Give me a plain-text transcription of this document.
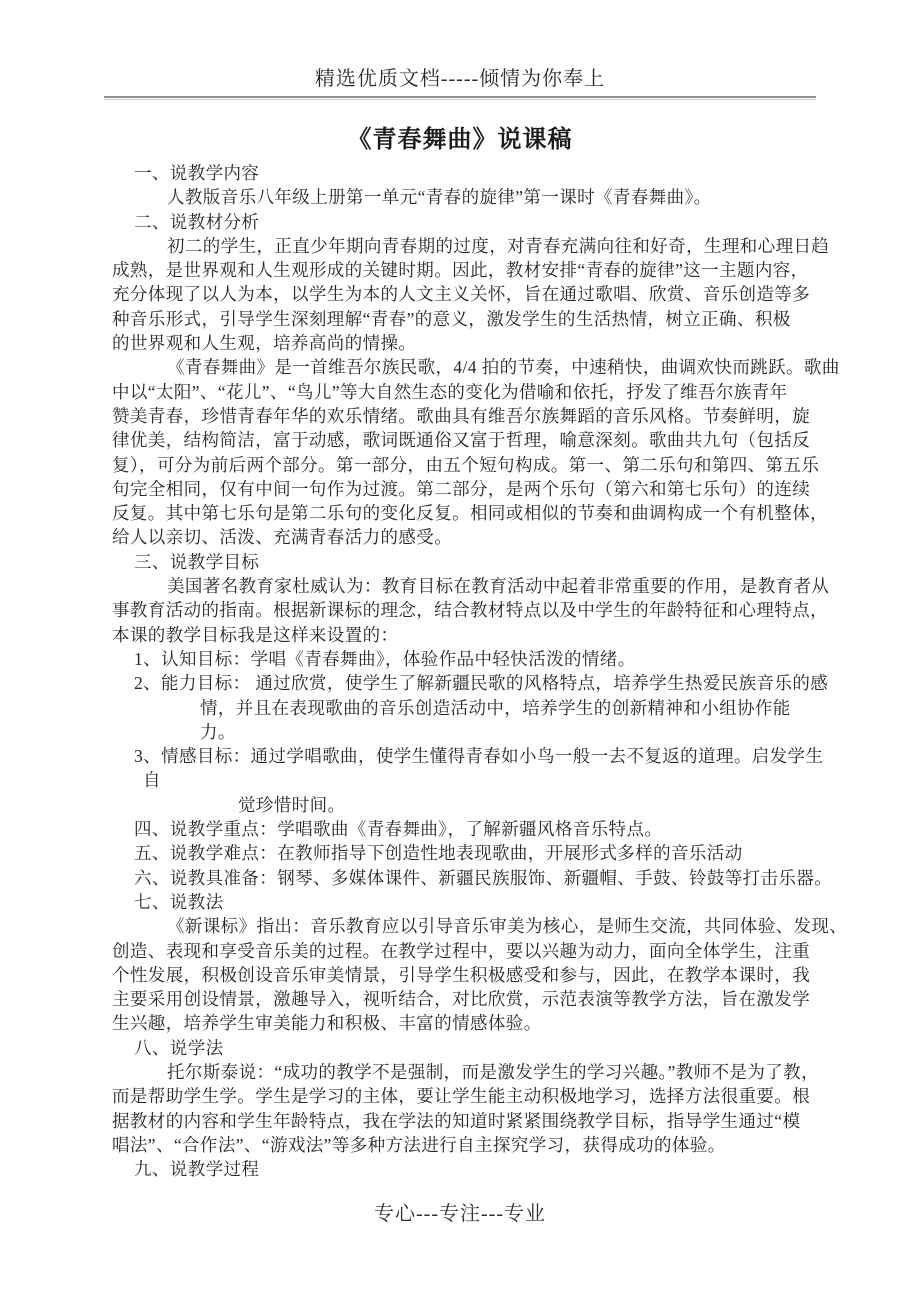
精选优质文档-----倾情为你奉上
《青春舞曲》说课稿
一、说教学内容
人教版音乐八年级上册第一单元“青春的旋律”第一课时《青春舞曲》。
二、说教材分析
初二的学生，正直少年期向青春期的过度，对青春充满向往和好奇，生理和心理日趋
成熟，是世界观和人生观形成的关键时期。因此，教材安排“青春的旋律”这一主题内容，
充分体现了以人为本，以学生为本的人文主义关怀，旨在通过歌唱、欣赏、音乐创造等多
种音乐形式，引导学生深刻理解“青春”的意义，激发学生的生活热情，树立正确、积极
的世界观和人生观，培养高尚的情操。
《青春舞曲》是一首维吾尔族民歌，4/4 拍的节奏，中速稍快，曲调欢快而跳跃。歌曲
中以“太阳”、“花儿”、“鸟儿”等大自然生态的变化为借喻和依托，抒发了维吾尔族青年
赞美青春，珍惜青春年华的欢乐情绪。歌曲具有维吾尔族舞蹈的音乐风格。节奏鲜明，旋
律优美，结构简洁，富于动感，歌词既通俗又富于哲理，喻意深刻。歌曲共九句（包括反
复），可分为前后两个部分。第一部分，由五个短句构成。第一、第二乐句和第四、第五乐
句完全相同，仅有中间一句作为过渡。第二部分，是两个乐句（第六和第七乐句）的连续
反复。其中第七乐句是第二乐句的变化反复。相同或相似的节奏和曲调构成一个有机整体，
给人以亲切、活泼、充满青春活力的感受。
三、说教学目标
美国著名教育家杜威认为：教育目标在教育活动中起着非常重要的作用，是教育者从
事教育活动的指南。根据新课标的理念，结合教材特点以及中学生的年龄特征和心理特点，
本课的教学目标我是这样来设置的：
1、认知目标：学唱《青春舞曲》，体验作品中轻快活泼的情绪。
2、能力目标： 通过欣赏，使学生了解新疆民歌的风格特点，培养学生热爱民族音乐的感
情，并且在表现歌曲的音乐创造活动中，培养学生的创新精神和小组协作能
力。
3、情感目标：通过学唱歌曲，使学生懂得青春如小鸟一般一去不复返的道理。启发学生
自
觉珍惜时间。
四、说教学重点：学唱歌曲《青春舞曲》，了解新疆风格音乐特点。
五、说教学难点：在教师指导下创造性地表现歌曲，开展形式多样的音乐活动
六、说教具准备：钢琴、多媒体课件、新疆民族服饰、新疆帽、手鼓、铃鼓等打击乐器。
七、说教法
《新课标》指出：音乐教育应以引导音乐审美为核心，是师生交流，共同体验、发现、
创造、表现和享受音乐美的过程。在教学过程中，要以兴趣为动力，面向全体学生，注重
个性发展，积极创设音乐审美情景，引导学生积极感受和参与，因此，在教学本课时，我
主要采用创设情景，激趣导入，视听结合，对比欣赏，示范表演等教学方法，旨在激发学
生兴趣，培养学生审美能力和积极、丰富的情感体验。
八、说学法
托尔斯泰说：“成功的教学不是强制，而是激发学生的学习兴趣。”教师不是为了教，
而是帮助学生学。学生是学习的主体，要让学生能主动积极地学习，选择方法很重要。根
据教材的内容和学生年龄特点，我在学法的知道时紧紧围绕教学目标，指导学生通过“模
唱法”、“合作法”、“游戏法”等多种方法进行自主探究学习，获得成功的体验。
九、说教学过程
专心---专注---专业
